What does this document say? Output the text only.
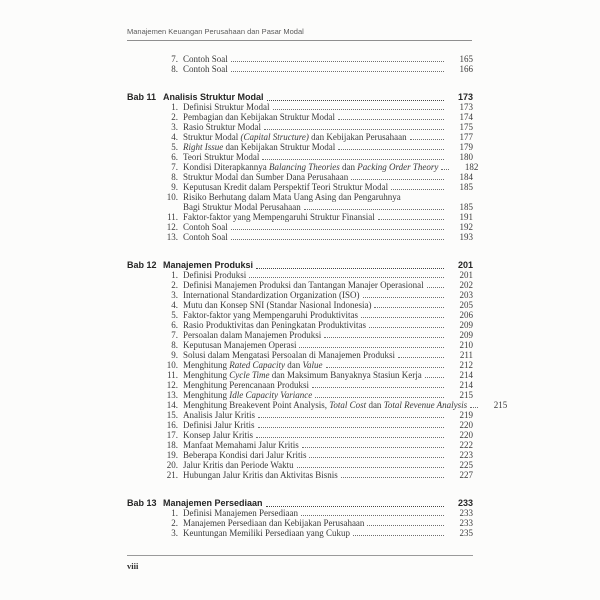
Manajemen Keuangan Perusahaan dan Pasar Modal
7. Contoh Soal	165
8. Contoh Soal	166
Bab 11 Analisis Struktur Modal	173
1. Definisi Struktur Modal	173
2. Pembagian dan Kebijakan Struktur Modal	174
3. Rasio Struktur Modal	175
4. Struktur Modal (Capital Structure) dan Kebijakan Perusahaan	177
5. Right Issue dan Kebijakan Struktur Modal	179
6. Teori Struktur Modal	180
7. Kondisi Diterapkannya Balancing Theories dan Packing Order Theory	182
8. Struktur Modal dan Sumber Dana Perusahaan	184
9. Keputusan Kredit dalam Perspektif Teori Struktur Modal	185
10. Risiko Berhutang dalam Mata Uang Asing dan Pengaruhnya
Bagi Struktur Modal Perusahaan	185
11. Faktor-faktor yang Mempengaruhi Struktur Finansial	191
12. Contoh Soal	192
13. Contoh Soal	193
Bab 12 Manajemen Produksi	201
1. Definisi Produksi	201
2. Definisi Manajemen Produksi dan Tantangan Manajer Operasional	202
3. International Standardization Organization (ISO)	203
4. Mutu dan Konsep SNI (Standar Nasional Indonesia)	205
5. Faktor-faktor yang Mempengaruhi Produktivitas	206
6. Rasio Produktivitas dan Peningkatan Produktivitas	209
7. Persoalan dalam Manajemen Produksi	209
8. Keputusan Manajemen Operasi	210
9. Solusi dalam Mengatasi Persoalan di Manajemen Produksi	211
10. Menghitung Rated Capacity dan Value	212
11. Menghitung Cycle Time dan Maksimum Banyaknya Stasiun Kerja	214
12. Menghitung Perencanaan Produksi	214
13. Menghitung Idle Capacity Variance	215
14. Menghitung Breakevent Point Analysis, Total Cost dan Total Revenue Analysis	215
15. Analisis Jalur Kritis	219
16. Definisi Jalur Kritis	220
17. Konsep Jalur Kritis	220
18. Manfaat Memahami Jalur Kritis	222
19. Beberapa Kondisi dari Jalur Kritis	223
20. Jalur Kritis dan Periode Waktu	225
21. Hubungan Jalur Kritis dan Aktivitas Bisnis	227
Bab 13 Manajemen Persediaan	233
1. Definisi Manajemen Persediaan	233
2. Manajemen Persediaan dan Kebijakan Perusahaan	233
3. Keuntungan Memiliki Persediaan yang Cukup	235
viii
